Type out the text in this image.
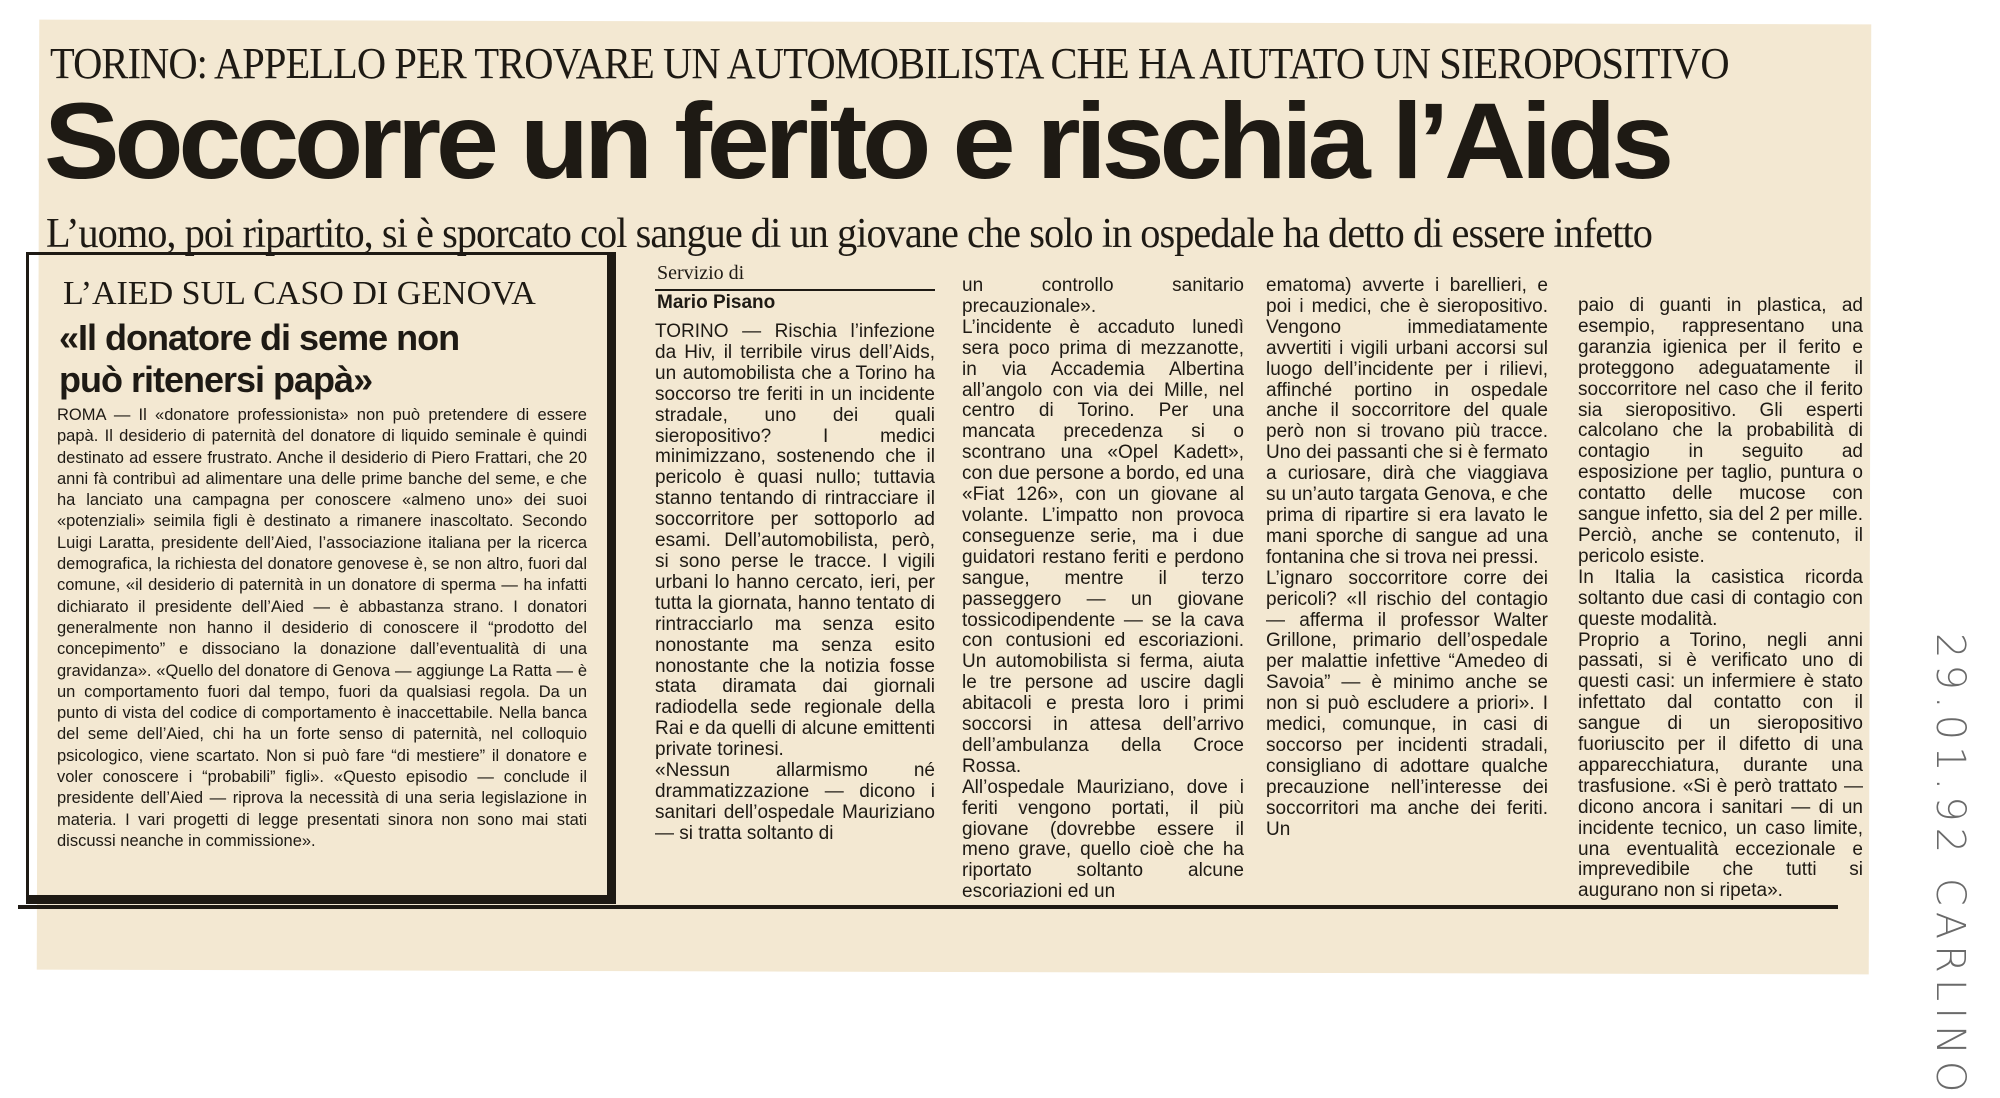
TORINO: APPELLO PER TROVARE UN AUTOMOBILISTA CHE HA AIUTATO UN SIEROPOSITIVO
Soccorre un ferito e rischia l’Aids
L’uomo, poi ripartito, si è sporcato col sangue di un giovane che solo in ospedale ha detto di essere infetto
L’AIED SUL CASO DI GENOVA
«Il donatore di seme non può ritenersi papà»
ROMA — Il «donatore professionista» non può pretendere di essere papà. Il desiderio di paternità del donatore di liquido seminale è quindi destinato ad essere frustrato. Anche il desiderio di Piero Frattari, che 20 anni fà contribuì ad alimentare una delle prime banche del seme, e che ha lanciato una campagna per conoscere «almeno uno» dei suoi «potenziali» seimila figli è destinato a rimanere inascoltato. Secondo Luigi Laratta, presidente dell’Aied, l’associazione italiana per la ricerca demografica, la richiesta del donatore genovese è, se non altro, fuori dal comune, «il desiderio di paternità in un donatore di sperma — ha infatti dichiarato il presidente dell’Aied — è abbastanza strano. I donatori generalmente non hanno il desiderio di conoscere il “prodotto del concepimento” e dissociano la donazione dall’eventualità di una gravidanza». «Quello del donatore di Genova — aggiunge La Ratta — è un comportamento fuori dal tempo, fuori da qualsiasi regola. Da un punto di vista del codice di comportamento è inaccettabile. Nella banca del seme dell’Aied, chi ha un forte senso di paternità, nel colloquio psicologico, viene scartato. Non si può fare “di mestiere” il donatore e voler conoscere i “probabili” figli». «Questo episodio — conclude il presidente dell’Aied — riprova la necessità di una seria legislazione in materia. I vari progetti di legge presentati sinora non sono mai stati discussi neanche in commissione».
Servizio di
Mario Pisano

TORINO — Rischia l’infezione da Hiv, il terribile virus dell’Aids, un automobilista che a Torino ha soccorso tre feriti in un incidente stradale, uno dei quali sieropositivo? I medici minimizzano, sostenendo che il pericolo è quasi nullo; tuttavia stanno tentando di rintracciare il soccorritore per sottoporlo ad esami. Dell’automobilista, però, si sono perse le tracce. I vigili urbani lo hanno cercato, ieri, per tutta la giornata, hanno tentato di rintracciarlo ma senza esito nonostante ma senza esito nonostante che la notizia fosse stata diramata dai giornali radiodella sede regionale della Rai e da quelli di alcune emittenti private torinesi.

«Nessun allarmismo né drammatizzazione — dicono i sanitari dell’ospedale Mauriziano — si tratta soltanto di

un controllo sanitario precauzionale».

L’incidente è accaduto lunedì sera poco prima di mezzanotte, in via Accademia Albertina all’angolo con via dei Mille, nel centro di Torino. Per una mancata precedenza si o scontrano una «Opel Kadett», con due persone a bordo, ed una «Fiat 126», con un giovane al volante. L’impatto non provoca conseguenze serie, ma i due guidatori restano feriti e perdono sangue, mentre il terzo passeggero — un giovane tossicodipendente — se la cava con contusioni ed escoriazioni. Un automobilista si ferma, aiuta le tre persone ad uscire dagli abitacoli e presta loro i primi soccorsi in attesa dell’arrivo dell’ambulanza della Croce Rossa.

All’ospedale Mauriziano, dove i feriti vengono portati, il più giovane (dovrebbe essere il meno grave, quello cioè che ha riportato soltanto alcune escoriazioni ed un

ematoma) avverte i barellieri, e poi i medici, che è sieropositivo. Vengono immediatamente avvertiti i vigili urbani accorsi sul luogo dell’incidente per i rilievi, affinché portino in ospedale anche il soccorritore del quale però non si trovano più tracce. Uno dei passanti che si è fermato a curiosare, dirà che viaggiava su un’auto targata Genova, e che prima di ripartire si era lavato le mani sporche di sangue ad una fontanina che si trova nei pressi.

L’ignaro soccorritore corre dei pericoli? «Il rischio del contagio — afferma il professor Walter Grillone, primario dell’ospedale per malattie infettive “Amedeo di Savoia” — è minimo anche se non si può escludere a priori». I medici, comunque, in casi di soccorso per incidenti stradali, consigliano di adottare qualche precauzione nell’interesse dei soccorritori ma anche dei feriti. Un

paio di guanti in plastica, ad esempio, rappresentano una garanzia igienica per il ferito e proteggono adeguatamente il soccorritore nel caso che il ferito sia sieropositivo. Gli esperti calcolano che la probabilità di contagio in seguito ad esposizione per taglio, puntura o contatto delle mucose con sangue infetto, sia del 2 per mille. Perciò, anche se contenuto, il pericolo esiste.

In Italia la casistica ricorda soltanto due casi di contagio con queste modalità.

Proprio a Torino, negli anni passati, si è verificato uno di questi casi: un infermiere è stato infettato dal contatto con il sangue di un sieropositivo fuoriuscito per il difetto di una apparecchiatura, durante una trasfusione. «Si è però trattato — dicono ancora i sanitari — di un incidente tecnico, un caso limite, una eventualità eccezionale e imprevedibile che tutti si augurano non si ripeta».	29.01.92 CARLINO
